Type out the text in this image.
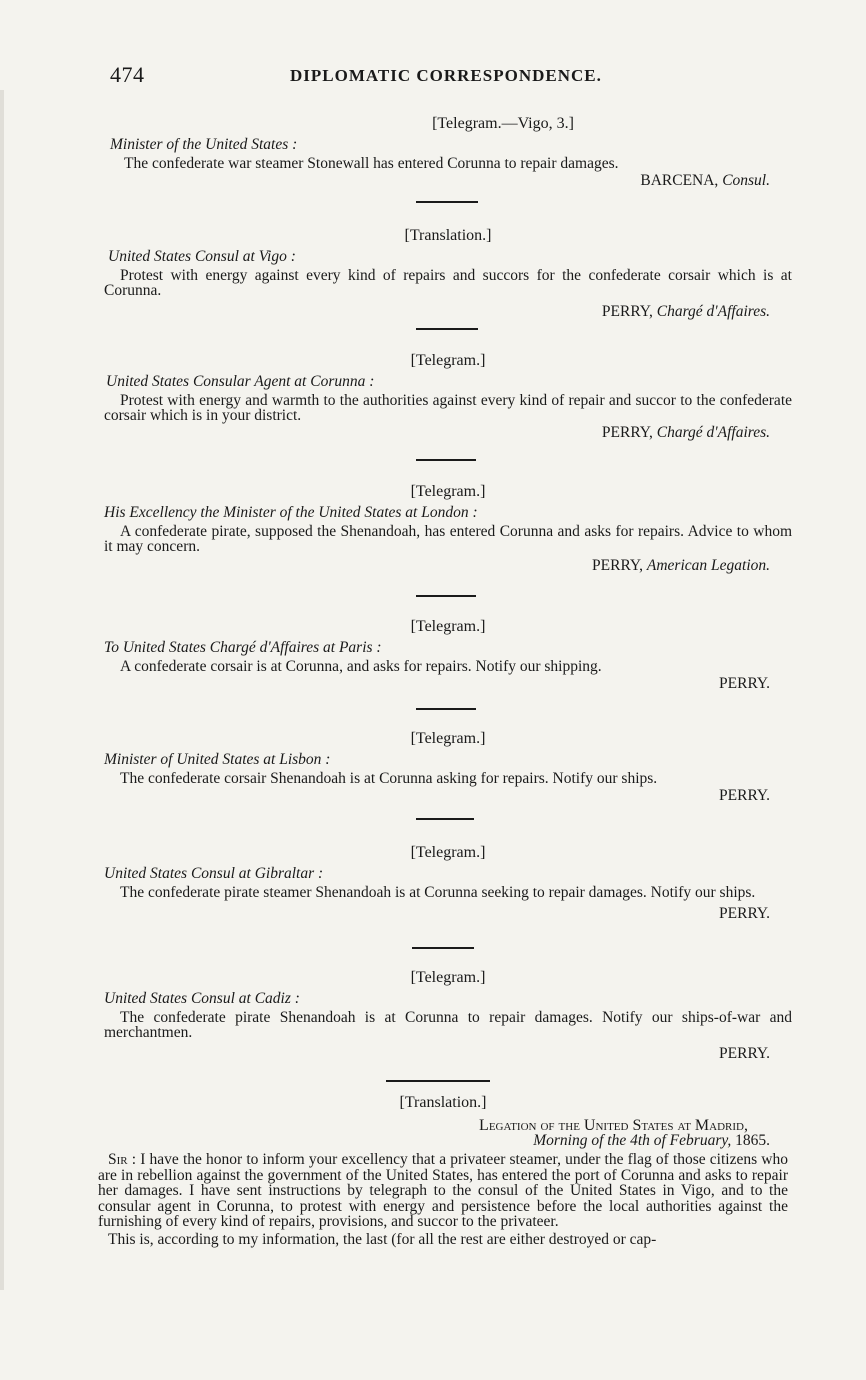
474	DIPLOMATIC CORRESPONDENCE.
[Telegram.—Vigo, 3.]
Minister of the United States :

The confederate war steamer Stonewall has entered Corunna to repair damages.

BARCENA, Consul.
[Translation.]
United States Consul at Vigo :

Protest with energy against every kind of repairs and succors for the confederate corsair which is at Corunna.

PERRY, Chargé d'Affaires.
[Telegram.]
United States Consular Agent at Corunna :

Protest with energy and warmth to the authorities against every kind of repair and succor to the confederate corsair which is in your district.

PERRY, Chargé d'Affaires.
[Telegram.]
His Excellency the Minister of the United States at London :

A confederate pirate, supposed the Shenandoah, has entered Corunna and asks for repairs. Advice to whom it may concern.

PERRY, American Legation.
[Telegram.]
To United States Chargé d'Affaires at Paris :

A confederate corsair is at Corunna, and asks for repairs. Notify our shipping.

PERRY.
[Telegram.]
Minister of United States at Lisbon :

The confederate corsair Shenandoah is at Corunna asking for repairs. Notify our ships.

PERRY.
[Telegram.]
United States Consul at Gibraltar :

The confederate pirate steamer Shenandoah is at Corunna seeking to repair damages. Notify our ships.

PERRY.
[Telegram.]
United States Consul at Cadiz :

The confederate pirate Shenandoah is at Corunna to repair damages. Notify our ships-of-war and merchantmen.

PERRY.
[Translation.]
Legation of the United States at Madrid,
Morning of the 4th of February, 1865.

Sir : I have the honor to inform your excellency that a privateer steamer, under the flag of those citizens who are in rebellion against the government of the United States, has entered the port of Corunna and asks to repair her damages. I have sent instructions by telegraph to the consul of the United States in Vigo, and to the consular agent in Corunna, to protest with energy and persistence before the local authorities against the furnishing of every kind of repairs, provisions, and succor to the privateer.

This is, according to my information, the last (for all the rest are either destroyed or cap-
